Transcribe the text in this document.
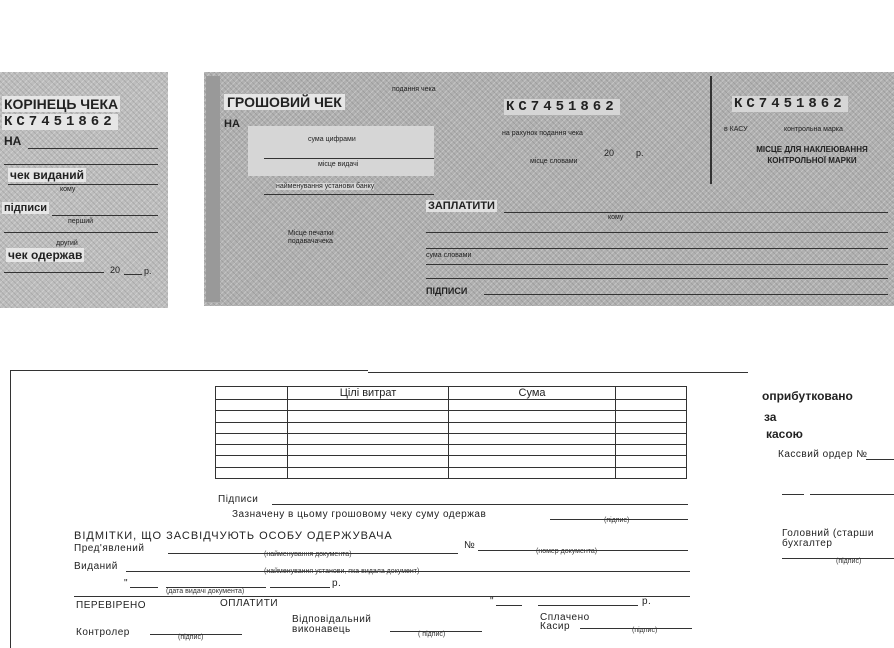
КОРІНЕЦЬ ЧЕКА
КС7451862
НА
чек виданий
кому
підписи
перший
другий
чек одержав
20	р.
ГРОШОВИЙ ЧЕК
подання чека
НА
сума цифрами
місце видачі
КС7451862
на рахунок подання чека
20 р.
місце словами
КС7451862
в КАСУ	контрольна марка
МІСЦЕ ДЛЯ НАКЛЕЮВАННЯ КОНТРОЛЬНОЇ МАРКИ
найменування установи банку
Місце печатки
подавачачека
ЗАПЛАТИТИ
кому
сума словами
ПІДПИСИ
	Цілі витрат	Сума	

Підписи
Зазначену в цьому грошовому чеку суму одержав
(підпис)
ВІДМІТКИ, ЩО ЗАСВІДЧУЮТЬ ОСОБУ ОДЕРЖУВАЧА
Пред'явлений
(найменування документа)
№
(номер документа)
Виданий	(найменування установи, яка видала документ)
"	р.
(дата видачі документа)
ПЕРЕВІРЕНО	ОПЛАТИТИ	"	р.
Контролер	(підпис)
Відповідальний
виконавець	( підпис)
Сплачено
Касир	(підпис)
оприбутковано
за
касою
Кассвий ордер №
Головний (старши
бухгалтер
(підпис)
